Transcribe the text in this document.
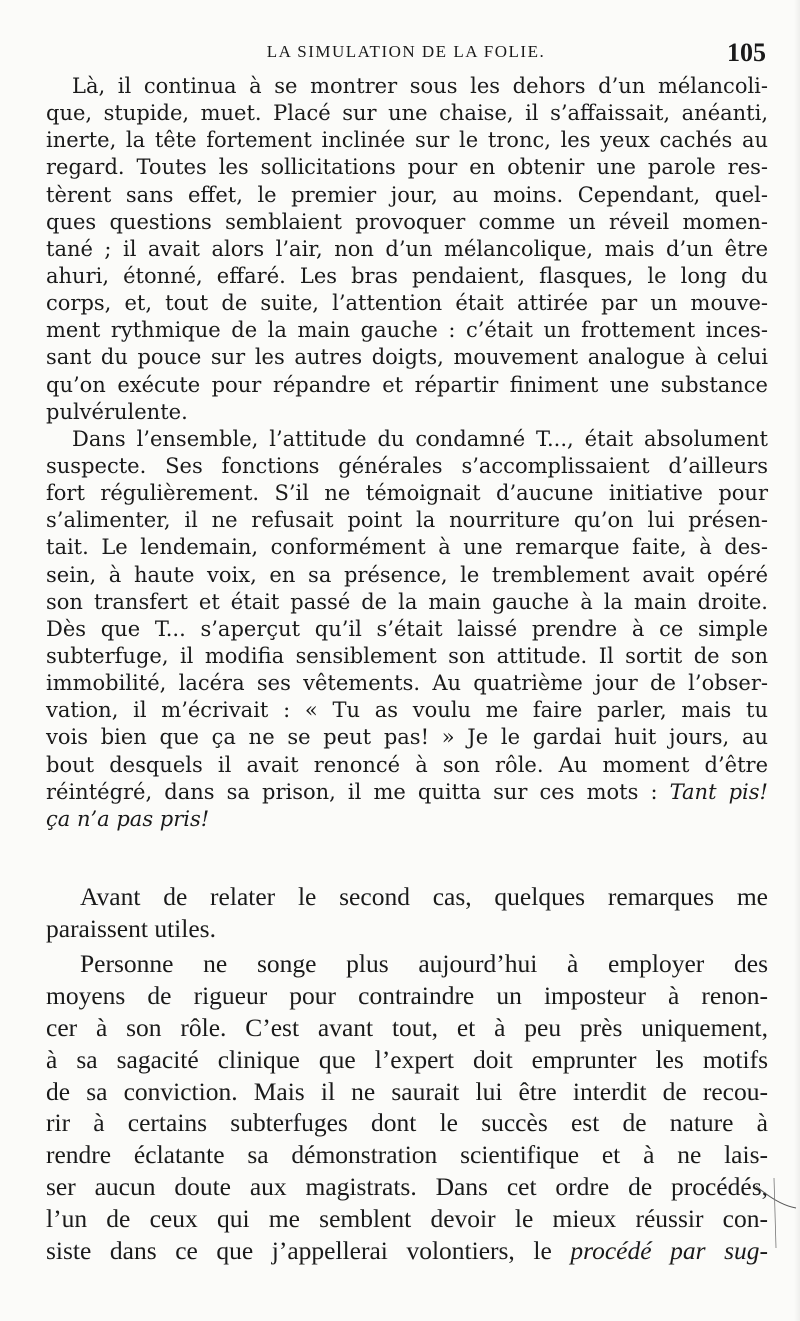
LA SIMULATION DE LA FOLIE.	105
Là, il continua à se montrer sous les dehors d’un mélancoli-
que, stupide, muet. Placé sur une chaise, il s’affaissait, anéanti,
inerte, la tête fortement inclinée sur le tronc, les yeux cachés au
regard. Toutes les sollicitations pour en obtenir une parole res-
tèrent sans effet, le premier jour, au moins. Cependant, quel-
ques questions semblaient provoquer comme un réveil momen-
tané ; il avait alors l’air, non d’un mélancolique, mais d’un être
ahuri, étonné, effaré. Les bras pendaient, flasques, le long du
corps, et, tout de suite, l’attention était attirée par un mouve-
ment rythmique de la main gauche : c’était un frottement inces-
sant du pouce sur les autres doigts, mouvement analogue à celui
qu’on exécute pour répandre et répartir finiment une substance
pulvérulente.
Dans l’ensemble, l’attitude du condamné T..., était absolument
suspecte. Ses fonctions générales s’accomplissaient d’ailleurs
fort régulièrement. S’il ne témoignait d’aucune initiative pour
s’alimenter, il ne refusait point la nourriture qu’on lui présen-
tait. Le lendemain, conformément à une remarque faite, à des-
sein, à haute voix, en sa présence, le tremblement avait opéré
son transfert et était passé de la main gauche à la main droite.
Dès que T... s’aperçut qu’il s’était laissé prendre à ce simple
subterfuge, il modifia sensiblement son attitude. Il sortit de son
immobilité, lacéra ses vêtements. Au quatrième jour de l’obser-
vation, il m’écrivait : « Tu as voulu me faire parler, mais tu
vois bien que ça ne se peut pas! » Je le gardai huit jours, au
bout desquels il avait renoncé à son rôle. Au moment d’être
réintégré, dans sa prison, il me quitta sur ces mots : Tant pis!
ça n’a pas pris!
Avant de relater le second cas, quelques remarques me
paraissent utiles.
Personne ne songe plus aujourd’hui à employer des
moyens de rigueur pour contraindre un imposteur à renon-
cer à son rôle. C’est avant tout, et à peu près uniquement,
à sa sagacité clinique que l’expert doit emprunter les motifs
de sa conviction. Mais il ne saurait lui être interdit de recou-
rir à certains subterfuges dont le succès est de nature à
rendre éclatante sa démonstration scientifique et à ne lais-
ser aucun doute aux magistrats. Dans cet ordre de procédés,
l’un de ceux qui me semblent devoir le mieux réussir con-
siste dans ce que j’appellerai volontiers, le procédé par sug-
